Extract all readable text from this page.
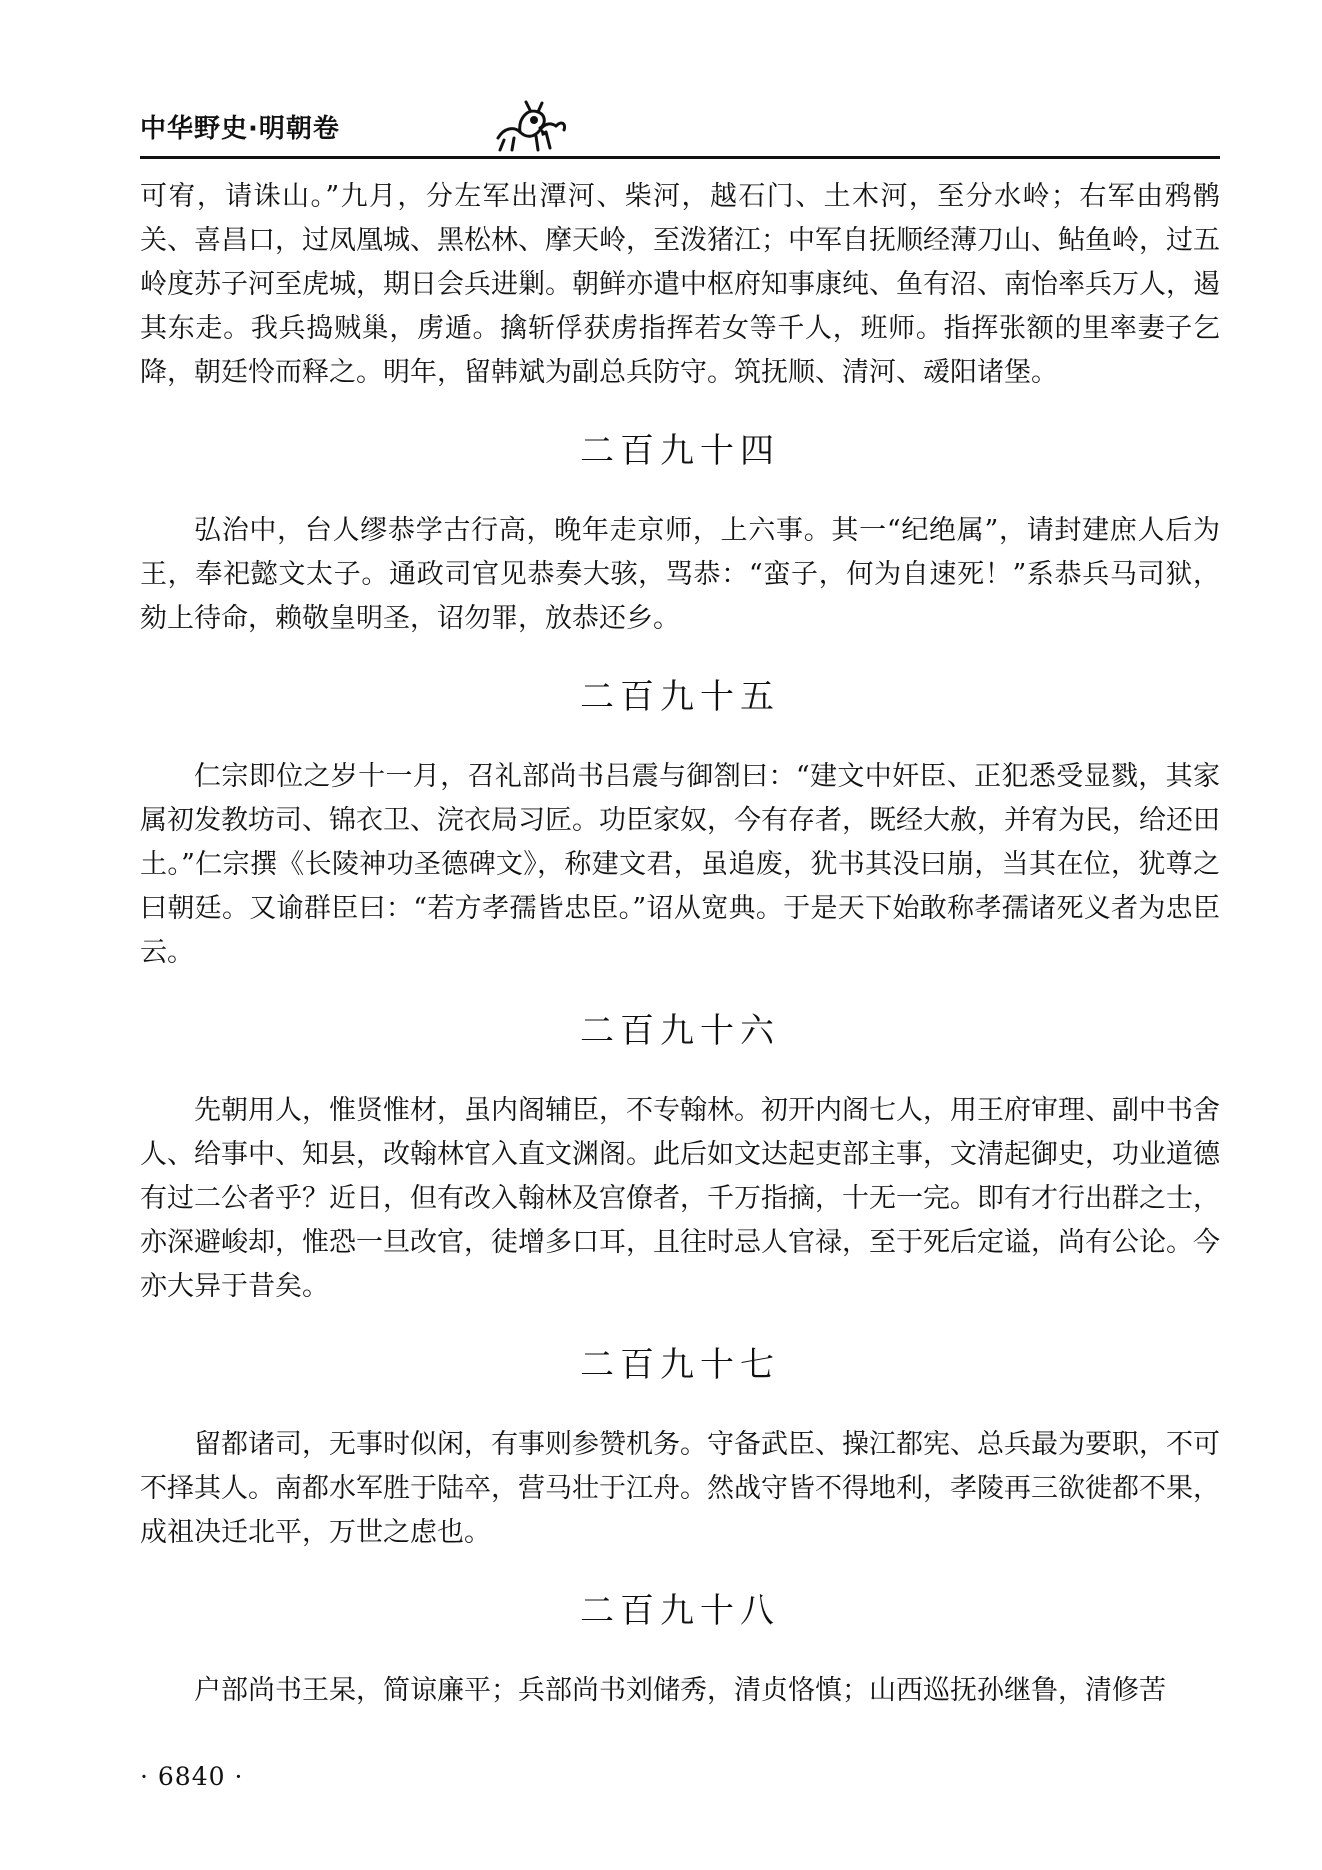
中华野史·明朝卷

可宥，请诛山。”九月，分左军出潭河、柴河，越石门、土木河，至分水岭；右军由鸦鹘关、喜昌口，过凤凰城、黑松林、摩天岭，至泼猪江；中军自抚顺经薄刀山、鲇鱼岭，过五岭度苏子河至虎城，期日会兵进剿。朝鲜亦遣中枢府知事康纯、鱼有沼、南怡率兵万人，遏其东走。我兵捣贼巢，虏遁。擒斩俘获虏指挥若女等千人，班师。指挥张额的里率妻子乞降，朝廷怜而释之。明年，留韩斌为副总兵防守。筑抚顺、清河、叆阳诸堡。

二百九十四

弘治中，台人缪恭学古行高，晚年走京师，上六事。其一“纪绝属”，请封建庶人后为王，奉祀懿文太子。通政司官见恭奏大骇，骂恭：“蛮子，何为自速死！”系恭兵马司狱，劾上待命，赖敬皇明圣，诏勿罪，放恭还乡。

二百九十五

仁宗即位之岁十一月，召礼部尚书吕震与御劄曰：“建文中奸臣、正犯悉受显戮，其家属初发教坊司、锦衣卫、浣衣局习匠。功臣家奴，今有存者，既经大赦，并宥为民，给还田土。”仁宗撰《长陵神功圣德碑文》，称建文君，虽追废，犹书其没曰崩，当其在位，犹尊之曰朝廷。又谕群臣曰：“若方孝孺皆忠臣。”诏从宽典。于是天下始敢称孝孺诸死义者为忠臣云。

二百九十六

先朝用人，惟贤惟材，虽内阁辅臣，不专翰林。初开内阁七人，用王府审理、副中书舍人、给事中、知县，改翰林官入直文渊阁。此后如文达起吏部主事，文清起御史，功业道德有过二公者乎？近日，但有改入翰林及宫僚者，千万指摘，十无一完。即有才行出群之士，亦深避峻却，惟恐一旦改官，徒增多口耳，且往时忌人官禄，至于死后定谥，尚有公论。今亦大异于昔矣。

二百九十七

留都诸司，无事时似闲，有事则参赞机务。守备武臣、操江都宪、总兵最为要职，不可不择其人。南都水军胜于陆卒，营马壮于江舟。然战守皆不得地利，孝陵再三欲徙都不果，成祖决迁北平，万世之虑也。

二百九十八

户部尚书王杲，简谅廉平；兵部尚书刘储秀，清贞恪慎；山西巡抚孙继鲁，清修苦

· 6840 ·
